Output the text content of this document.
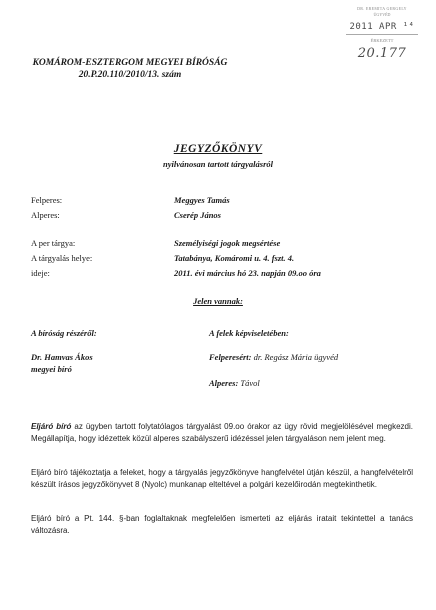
DR. EREMITA GERGELY
ÜGYVÉD
2011 APR ¹⁴
ÉRKEZETT
20.177
KOMÁROM-ESZTERGOM MEGYEI BÍRÓSÁG
20.P.20.110/2010/13. szám
JEGYZŐKÖNYV
nyilvánosan tartott tárgyalásról
Felperes:	Meggyes Tamás
Alperes:	Cserép János
A per tárgya:	Személyiségi jogok megsértése
A tárgyalás helye:	Tatabánya, Komáromi u. 4. fszt. 4.
ideje:	2011. évi március hó 23. napján 09.oo óra
Jelen vannak:
A bíróság részéről:	A felek képviseletében:
Dr. Hamvas Ákos
megyei bíró
Felperesért: dr. Regász Mária ügyvéd
Alperes: Távol
Eljáró bíró az ügyben tartott folytatólagos tárgyalást 09.oo órakor az ügy rövid megjelölésével megkezdi. Megállapítja, hogy idézettek közül alperes szabályszerű idézéssel jelen tárgyaláson nem jelent meg.
Eljáró bíró tájékoztatja a feleket, hogy a tárgyalás jegyzőkönyve hangfelvétel útján készül, a hangfelvételről készült írásos jegyzőkönyvet 8 (Nyolc) munkanap elteltével a polgári kezelőirodán megtekinthetik.
Eljáró bíró a Pt. 144. §-ban foglaltaknak megfelelően ismerteti az eljárás iratait tekintettel a tanács változásra.
